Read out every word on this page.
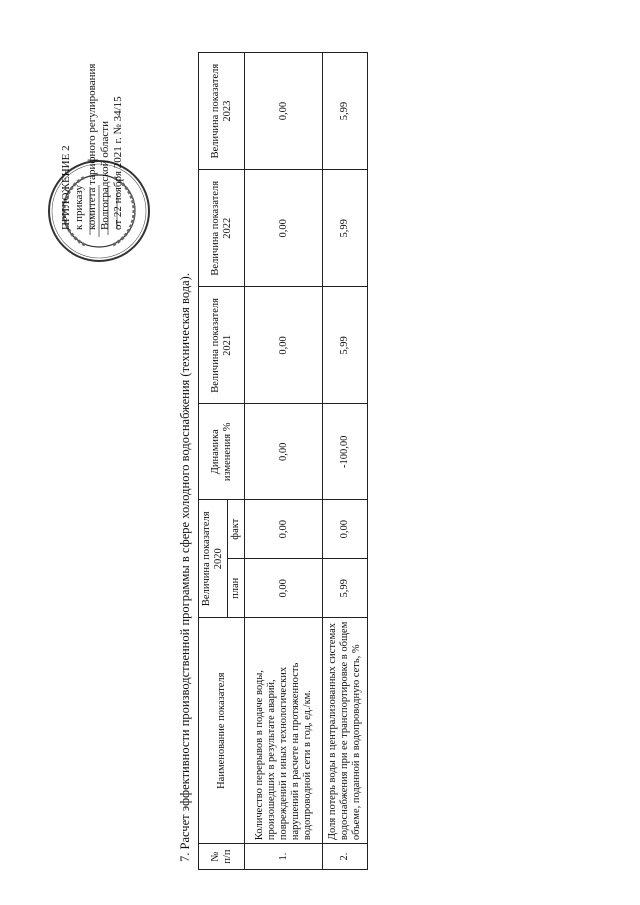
ПРИЛОЖЕНИЕ 2 к приказу комитета тарифного регулирования Волгоградской области от 22 ноября 2021 г. № 34/15
7. Расчет эффективности производственной программы в сфере холодного водоснабжения (техническая вода). № п/п	Наименование показателя	Величина показателя 2020		Динамика изменения %	Величина показателя 2021	Величина показателя 2022	Величина показателя 2023
		план	факт				
1.	Количество перерывов в подаче воды, произошедших в результате аварий, повреждений и иных технологических нарушений в расчете на протяженность водопроводной сети в год, ед./км.	0,00	0,00	0,00	0,00	0,00	0,00
2.	Доля потерь воды в централизованных системах водоснабжения при ее транспортировке в общем объеме, поданной в водопроводную сеть, %	5,99	0,00	-100,00	5,99	5,99	5,99
